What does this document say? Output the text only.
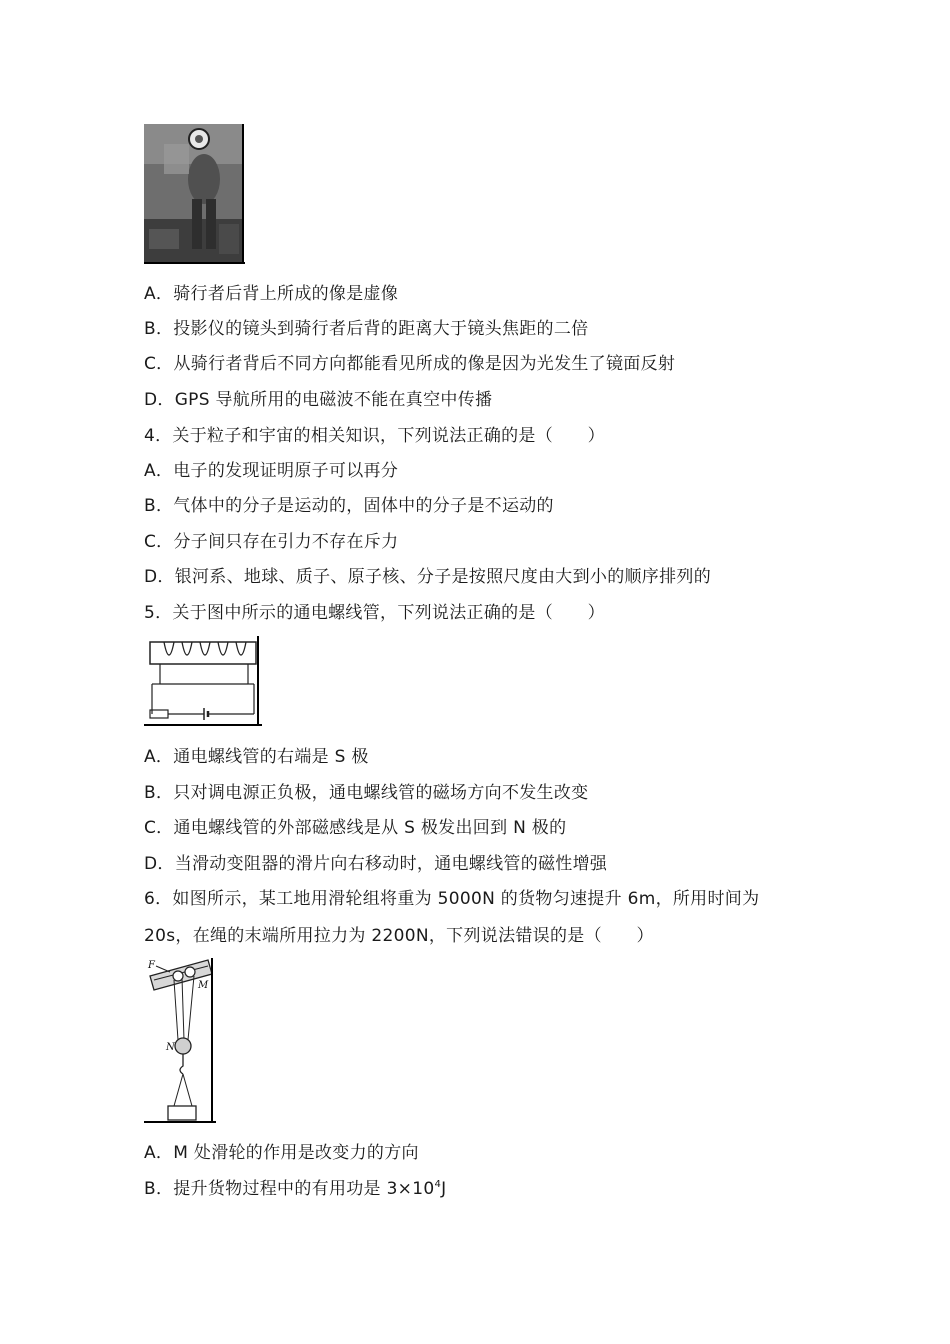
A．骑行者后背上所成的像是虚像
B．投影仪的镜头到骑行者后背的距离大于镜头焦距的二倍
C．从骑行者背后不同方向都能看见所成的像是因为光发生了镜面反射
D．GPS 导航所用的电磁波不能在真空中传播
4．关于粒子和宇宙的相关知识，下列说法正确的是（　　）
A．电子的发现证明原子可以再分
B．气体中的分子是运动的，固体中的分子是不运动的
C．分子间只存在引力不存在斥力
D．银河系、地球、质子、原子核、分子是按照尺度由大到小的顺序排列的
5．关于图中所示的通电螺线管，下列说法正确的是（　　）
A．通电螺线管的右端是 S 极
B．只对调电源正负极，通电螺线管的磁场方向不发生改变
C．通电螺线管的外部磁感线是从 S 极发出回到 N 极的
D．当滑动变阻器的滑片向右移动时，通电螺线管的磁性增强
6．如图所示，某工地用滑轮组将重为 5000N 的货物匀速提升 6m，所用时间为
20s，在绳的末端所用拉力为 2200N，下列说法错误的是（　　）
F
M
N
A．M 处滑轮的作用是改变力的方向
B．提升货物过程中的有用功是 $3\times 10^4J$
